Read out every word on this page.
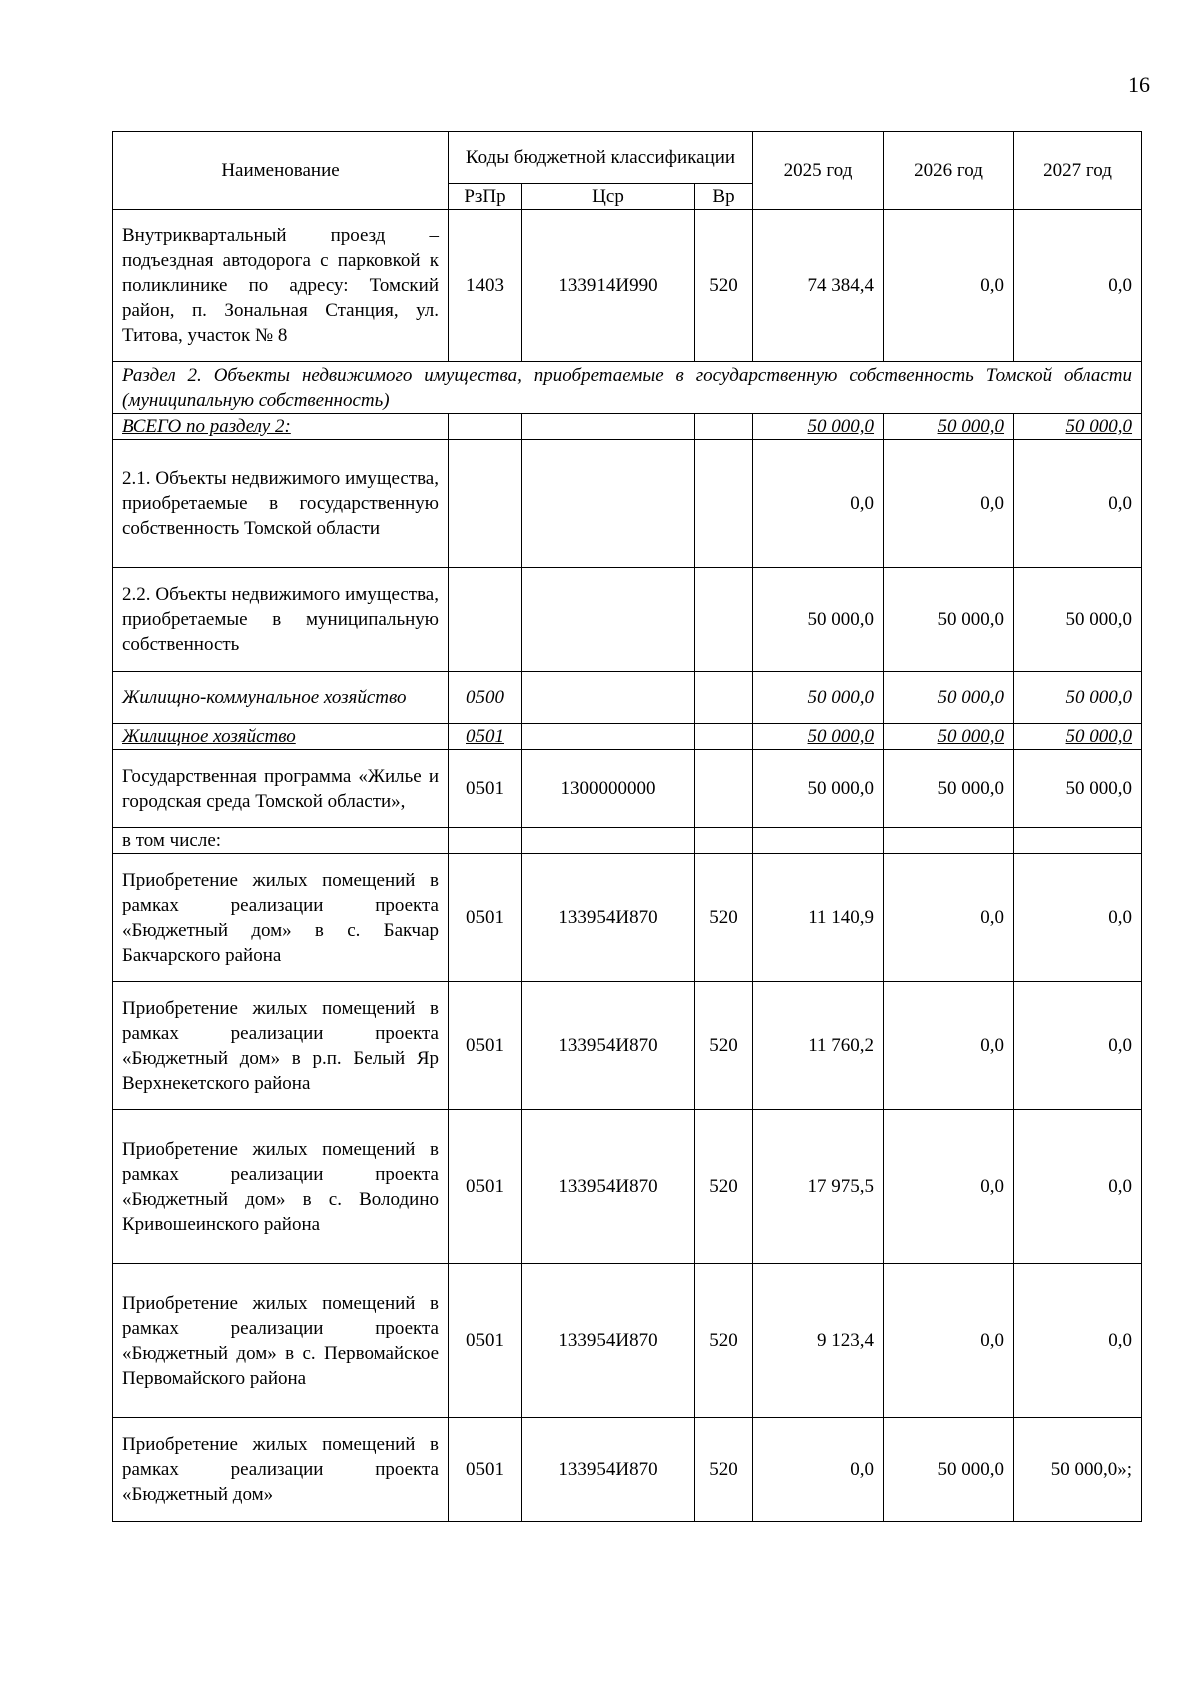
16
Наименование	Коды бюджетной классификации			2025 год	2026 год	2027 год
	РзПр	Цср	Вр			
Внутриквартальный проезд – подъездная автодорога с парковкой к поликлинике по адресу: Томский район, п. Зональная Станция, ул. Титова, участок № 8	1403	133914И990	520	74 384,4	0,0	0,0
Раздел 2. Объекты недвижимого имущества, приобретаемые в государственную собственность Томской области (муниципальную собственность)						
ВСЕГО по разделу 2:				50 000,0	50 000,0	50 000,0
2.1. Объекты недвижимого имущества, приобретаемые в государственную собственность Томской области				0,0	0,0	0,0
2.2. Объекты недвижимого имущества, приобретаемые в муниципальную собственность				50 000,0	50 000,0	50 000,0
Жилищно-коммунальное хозяйство	0500			50 000,0	50 000,0	50 000,0
Жилищное хозяйство	0501			50 000,0	50 000,0	50 000,0
Государственная программа «Жилье и городская среда Томской области»,	0501	1300000000		50 000,0	50 000,0	50 000,0
в том числе:						
Приобретение жилых помещений в рамках реализации проекта «Бюджетный дом» в с. Бакчар Бакчарского района	0501	133954И870	520	11 140,9	0,0	0,0
Приобретение жилых помещений в рамках реализации проекта «Бюджетный дом» в р.п. Белый Яр Верхнекетского района	0501	133954И870	520	11 760,2	0,0	0,0
Приобретение жилых помещений в рамках реализации проекта «Бюджетный дом» в с. Володино Кривошеинского района	0501	133954И870	520	17 975,5	0,0	0,0
Приобретение жилых помещений в рамках реализации проекта «Бюджетный дом» в с. Первомайское Первомайского района	0501	133954И870	520	9 123,4	0,0	0,0
Приобретение жилых помещений в рамках реализации проекта «Бюджетный дом»	0501	133954И870	520	0,0	50 000,0	50 000,0»;
